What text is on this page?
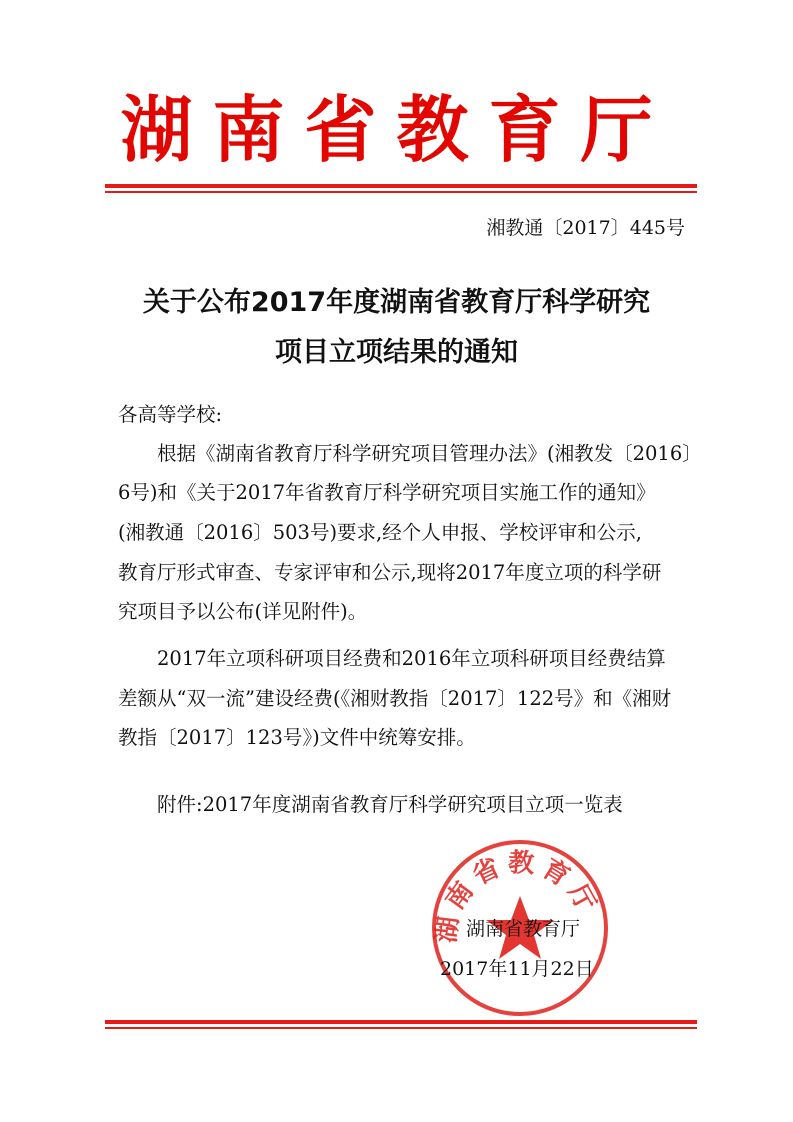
湖南省教育厅
湘教通〔2017〕445号
关于公布2017年度湖南省教育厅科学研究
项目立项结果的通知
各高等学校:
根据《湖南省教育厅科学研究项目管理办法》(湘教发〔2016〕
6号)和《关于2017年省教育厅科学研究项目实施工作的通知》
(湘教通〔2016〕503号)要求,经个人申报、学校评审和公示,
教育厅形式审查、专家评审和公示,现将2017年度立项的科学研
究项目予以公布(详见附件)。
2017年立项科研项目经费和2016年立项科研项目经费结算
差额从“双一流”建设经费(《湘财教指〔2017〕122号》和《湘财
教指〔2017〕123号》)文件中统筹安排。
附件:2017年度湖南省教育厅科学研究项目立项一览表
湖南省教育厅
湖南省教育厅
2017年11月22日
